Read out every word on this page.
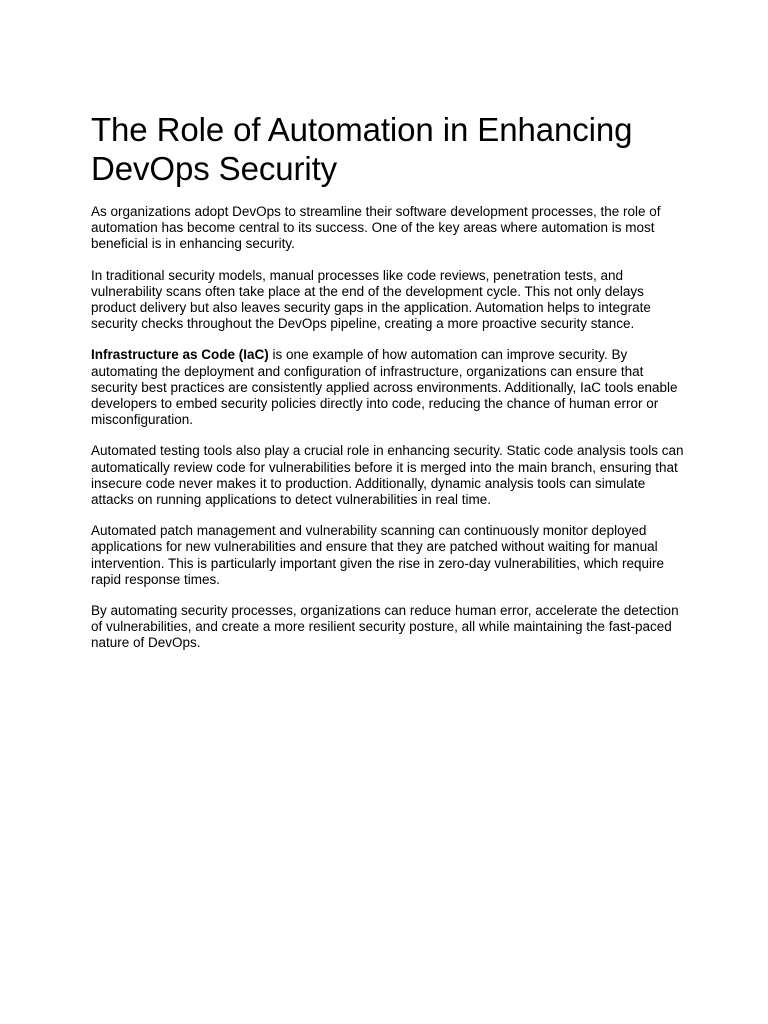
The Role of Automation in Enhancing DevOps Security

As organizations adopt DevOps to streamline their software development processes, the role of automation has become central to its success. One of the key areas where automation is most beneficial is in enhancing security.

In traditional security models, manual processes like code reviews, penetration tests, and vulnerability scans often take place at the end of the development cycle. This not only delays product delivery but also leaves security gaps in the application. Automation helps to integrate security checks throughout the DevOps pipeline, creating a more proactive security stance.

Infrastructure as Code (IaC) is one example of how automation can improve security. By automating the deployment and configuration of infrastructure, organizations can ensure that security best practices are consistently applied across environments. Additionally, IaC tools enable developers to embed security policies directly into code, reducing the chance of human error or misconfiguration.

Automated testing tools also play a crucial role in enhancing security. Static code analysis tools can automatically review code for vulnerabilities before it is merged into the main branch, ensuring that insecure code never makes it to production. Additionally, dynamic analysis tools can simulate attacks on running applications to detect vulnerabilities in real time.

Automated patch management and vulnerability scanning can continuously monitor deployed applications for new vulnerabilities and ensure that they are patched without waiting for manual intervention. This is particularly important given the rise in zero-day vulnerabilities, which require rapid response times.

By automating security processes, organizations can reduce human error, accelerate the detection of vulnerabilities, and create a more resilient security posture, all while maintaining the fast-paced nature of DevOps.
